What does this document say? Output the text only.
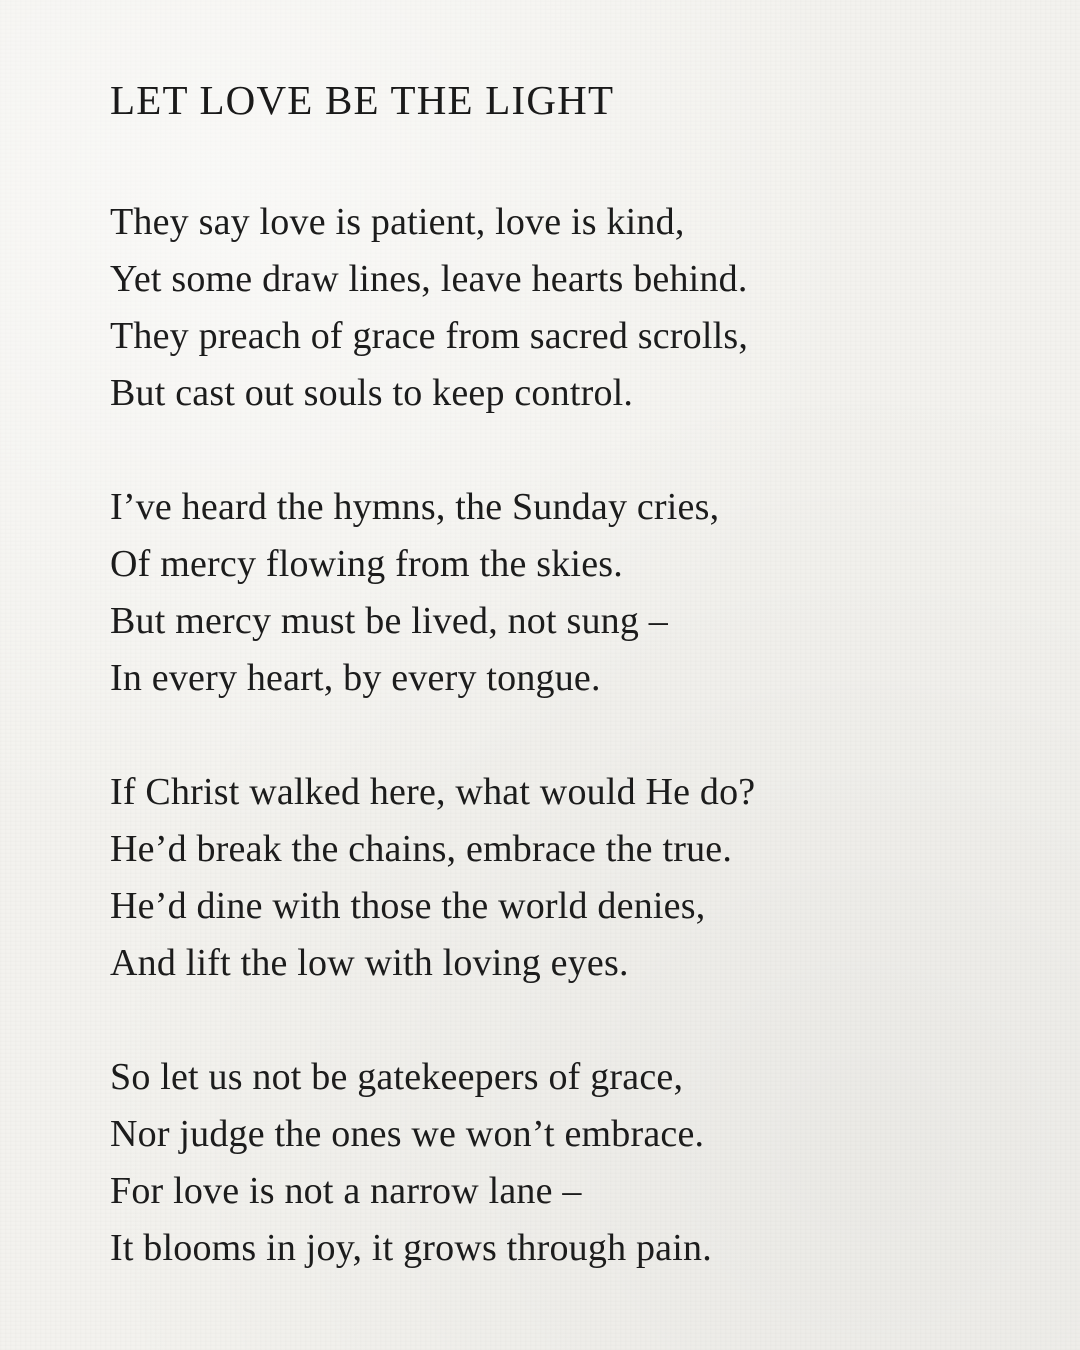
LET LOVE BE THE LIGHT
They say love is patient, love is kind,
Yet some draw lines, leave hearts behind.
They preach of grace from sacred scrolls,
But cast out souls to keep control.
I’ve heard the hymns, the Sunday cries,
Of mercy flowing from the skies.
But mercy must be lived, not sung –
In every heart, by every tongue.
If Christ walked here, what would He do?
He’d break the chains, embrace the true.
He’d dine with those the world denies,
And lift the low with loving eyes.
So let us not be gatekeepers of grace,
Nor judge the ones we won’t embrace.
For love is not a narrow lane –
It blooms in joy, it grows through pain.
